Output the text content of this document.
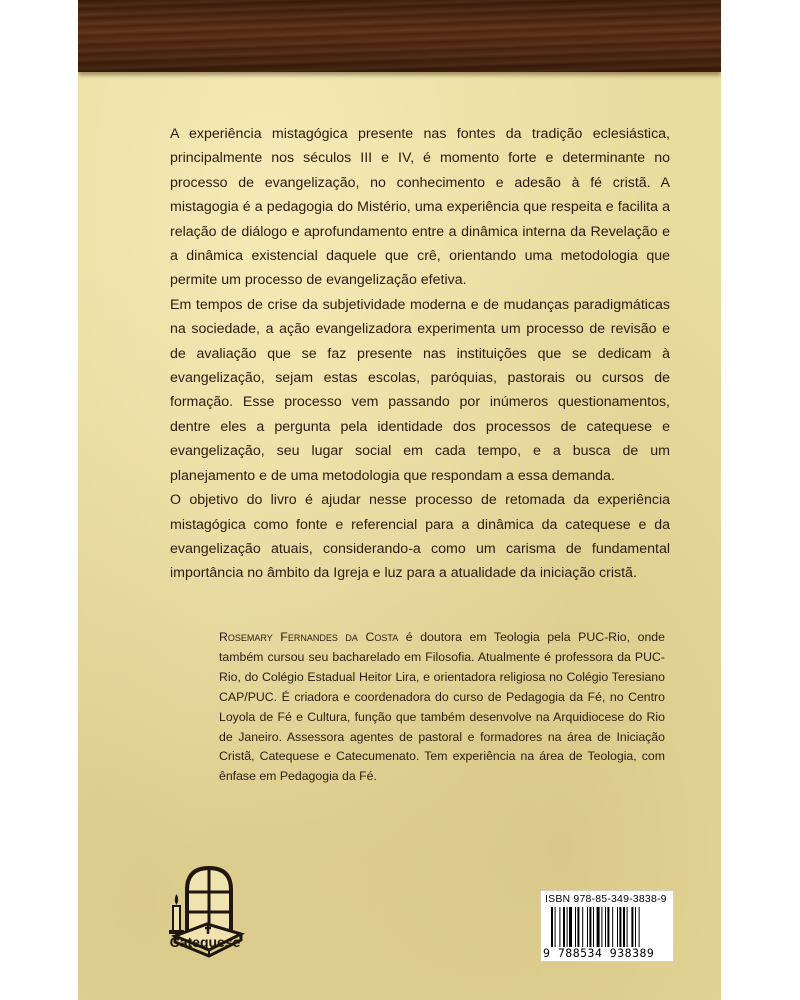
A experiência mistagógica presente nas fontes da tradição eclesiástica, principalmente nos séculos III e IV, é momento forte e determinante no processo de evangelização, no conhecimento e adesão à fé cristã. A mistagogia é a pedagogia do Mistério, uma experiência que respeita e facilita a relação de diálogo e aprofundamento entre a dinâmica interna da Revelação e a dinâmica existencial daquele que crê, orientando uma metodologia que permite um processo de evangelização efetiva.

Em tempos de crise da subjetividade moderna e de mudanças paradigmáticas na sociedade, a ação evangelizadora experimenta um processo de revisão e de avaliação que se faz presente nas instituições que se dedicam à evangelização, sejam estas escolas, paróquias, pastorais ou cursos de formação. Esse processo vem passando por inúmeros questionamentos, dentre eles a pergunta pela identidade dos processos de catequese e evangelização, seu lugar social em cada tempo, e a busca de um planejamento e de uma metodologia que respondam a essa demanda.

O objetivo do livro é ajudar nesse processo de retomada da experiência mistagógica como fonte e referencial para a dinâmica da catequese e da evangelização atuais, considerando-a como um carisma de fundamental importância no âmbito da Igreja e luz para a atualidade da iniciação cristã.

Rosemary Fernandes da Costa é doutora em Teologia pela PUC-Rio, onde também cursou seu bacharelado em Filosofia. Atualmente é professora da PUC-Rio, do Colégio Estadual Heitor Lira, e orientadora religiosa no Colégio Teresiano CAP/PUC. É criadora e coordenadora do curso de Pedagogia da Fé, no Centro Loyola de Fé e Cultura, função que também desenvolve na Arquidiocese do Rio de Janeiro. Assessora agentes de pastoral e formadores na área de Iniciação Cristã, Catequese e Catecumenato. Tem experiência na área de Teologia, com ênfase em Pedagogia da Fé.
Catequese
ISBN 978-85-349-3838-9
9 788534 938389
